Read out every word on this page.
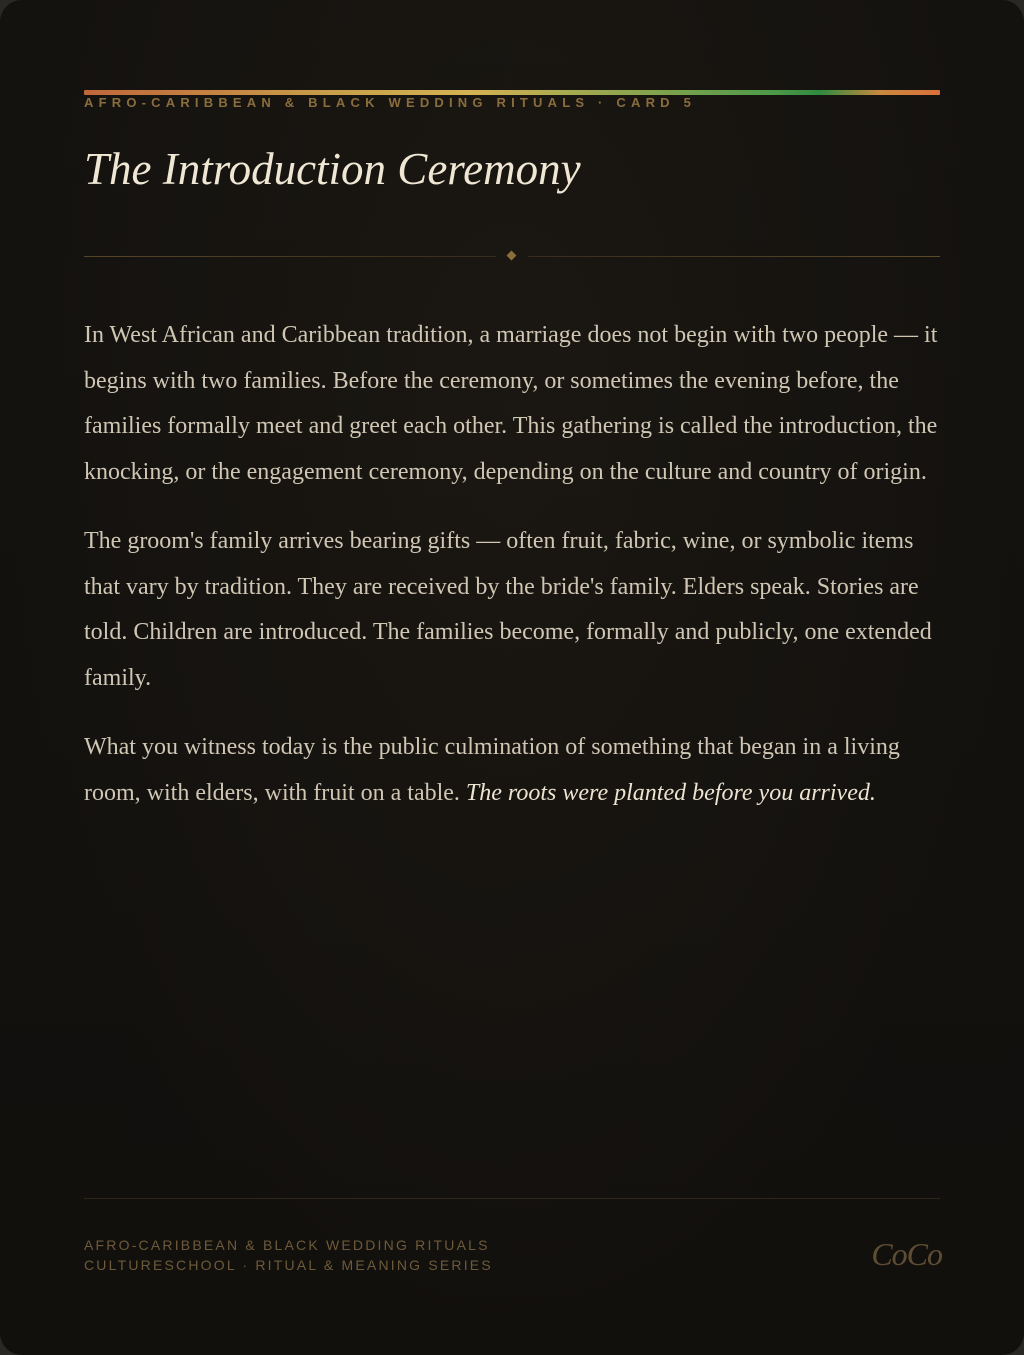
AFRO-CARIBBEAN & BLACK WEDDING RITUALS · CARD 5
The Introduction Ceremony

In West African and Caribbean tradition, a marriage does not begin with two people — it begins with two families. Before the ceremony, or sometimes the evening before, the families formally meet and greet each other. This gathering is called the introduction, the knocking, or the engagement ceremony, depending on the culture and country of origin.

The groom's family arrives bearing gifts — often fruit, fabric, wine, or symbolic items that vary by tradition. They are received by the bride's family. Elders speak. Stories are told. Children are introduced. The families become, formally and publicly, one extended family.

What you witness today is the public culmination of something that began in a living room, with elders, with fruit on a table. The roots were planted before you arrived.

AFRO-CARIBBEAN & BLACK WEDDING RITUALS
CULTURESCHOOL · RITUAL & MEANING SERIES	CoCo
